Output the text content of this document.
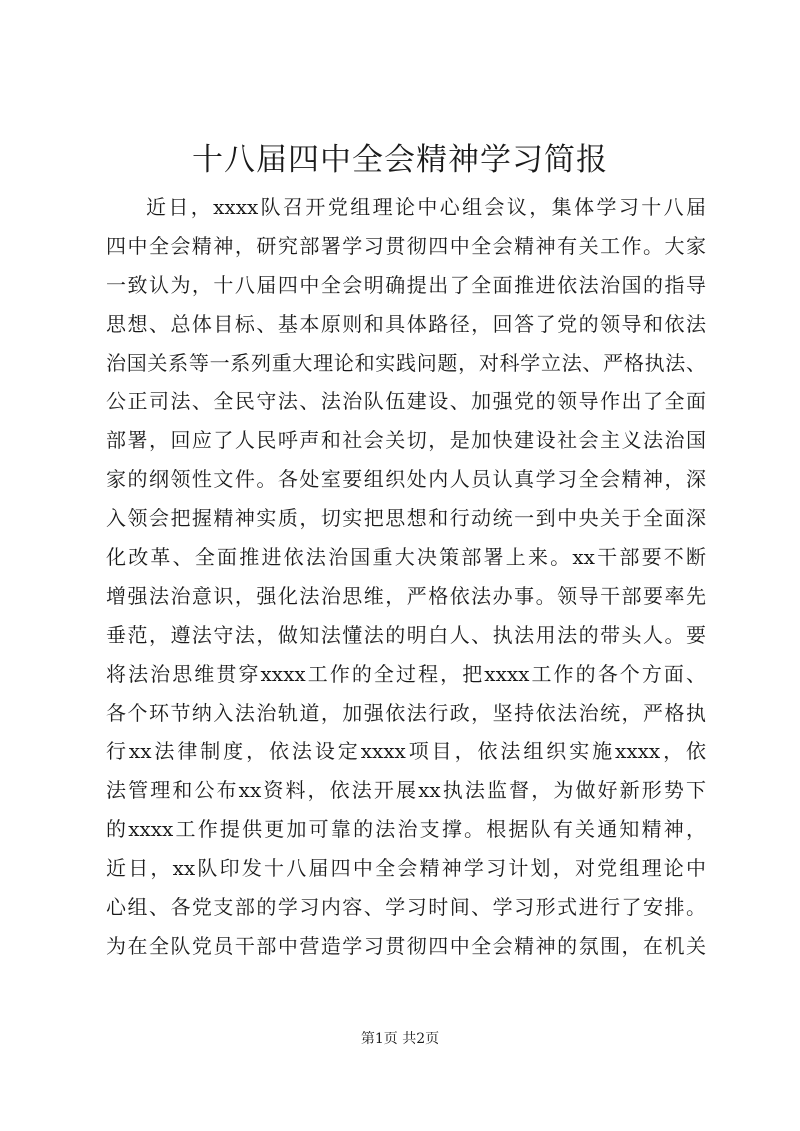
十八届四中全会精神学习简报
近日，xxxx队召开党组理论中心组会议，集体学习十八届
四中全会精神，研究部署学习贯彻四中全会精神有关工作。大家
一致认为，十八届四中全会明确提出了全面推进依法治国的指导
思想、总体目标、基本原则和具体路径，回答了党的领导和依法
治国关系等一系列重大理论和实践问题，对科学立法、严格执法、
公正司法、全民守法、法治队伍建设、加强党的领导作出了全面
部署，回应了人民呼声和社会关切，是加快建设社会主义法治国
家的纲领性文件。各处室要组织处内人员认真学习全会精神，深
入领会把握精神实质，切实把思想和行动统一到中央关于全面深
化改革、全面推进依法治国重大决策部署上来。xx干部要不断
增强法治意识，强化法治思维，严格依法办事。领导干部要率先
垂范，遵法守法，做知法懂法的明白人、执法用法的带头人。要
将法治思维贯穿xxxx工作的全过程，把xxxx工作的各个方面、
各个环节纳入法治轨道，加强依法行政，坚持依法治统，严格执
行xx法律制度，依法设定xxxx项目，依法组织实施xxxx，依
法管理和公布xx资料，依法开展xx执法监督，为做好新形势下
的xxxx工作提供更加可靠的法治支撑。根据队有关通知精神，
近日，xx队印发十八届四中全会精神学习计划，对党组理论中
心组、各党支部的学习内容、学习时间、学习形式进行了安排。
为在全队党员干部中营造学习贯彻四中全会精神的氛围，在机关
第1页 共2页
